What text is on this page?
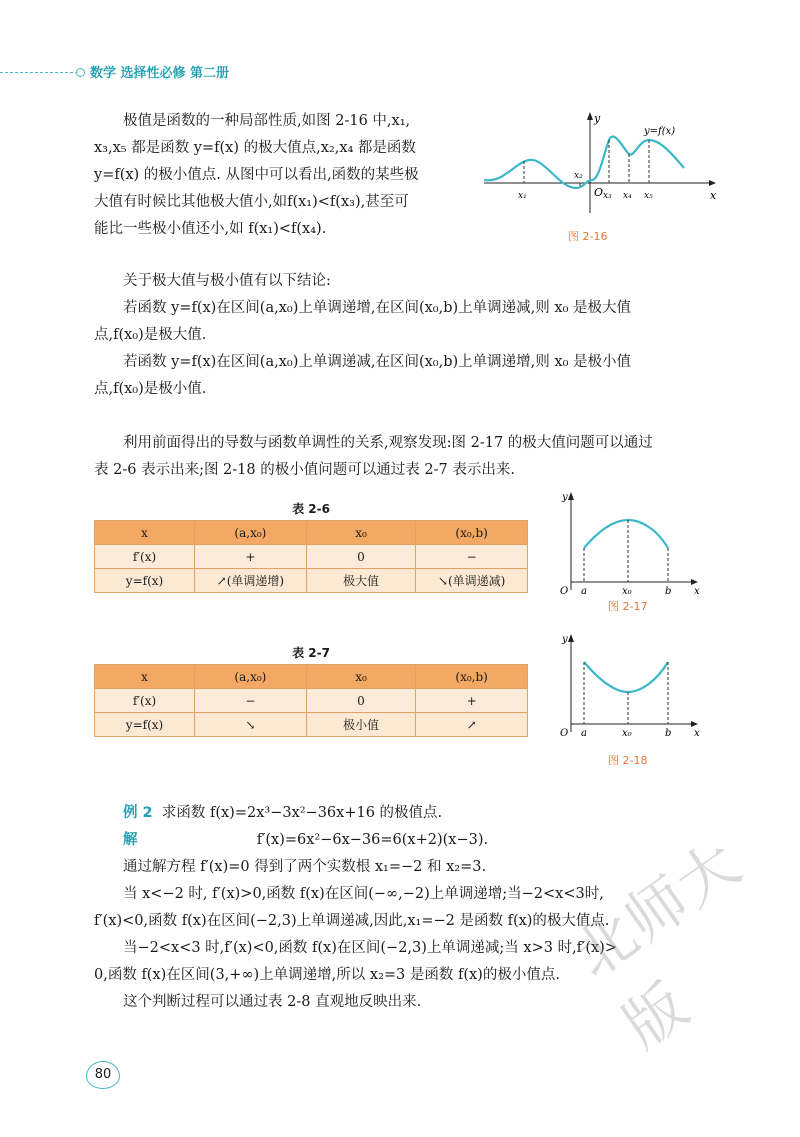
数学 选择性必修 第二册

极值是函数的一种局部性质,如图 2-16 中,x₁,

x₃,x₅ 都是函数 y=f(x) 的极大值点,x₂,x₄ 都是函数

y=f(x) 的极小值点. 从图中可以看出,函数的某些极

大值有时候比其他极大值小,如f(x₁)<f(x₃),甚至可

能比一些极小值还小,如 f(x₁)<f(x₄).

y
x
O
y=f(x)
x₁
x₂
x₃ x₄ x₅
图 2-16

关于极大值与极小值有以下结论:

若函数 y=f(x)在区间(a,x₀)上单调递增,在区间(x₀,b)上单调递减,则 x₀ 是极大值

点,f(x₀)是极大值.

若函数 y=f(x)在区间(a,x₀)上单调递减,在区间(x₀,b)上单调递增,则 x₀ 是极小值

点,f(x₀)是极小值.

利用前面得出的导数与函数单调性的关系,观察发现:图 2-17 的极大值问题可以通过

表 2-6 表示出来;图 2-18 的极小值问题可以通过表 2-7 表示出来.

表 2-6
x	(a,x₀)	x₀	(x₀,b)
f′(x)	+	0	−
y=f(x)	↗(单调递增)	极大值	↘(单调递减)
y
x
O a	x₀	b
图 2-17
表 2-7
x	(a,x₀)	x₀	(x₀,b)
f′(x)	−	0	+
y=f(x)	↘	极小值	↗
y
x
O a	x₀	b
图 2-18

例 2 求函数 f(x)=2x³−3x²−36x+16 的极值点.

解	f′(x)=6x²−6x−36=6(x+2)(x−3).

通过解方程 f′(x)=0 得到了两个实数根 x₁=−2 和 x₂=3.

当 x<−2 时, f′(x)>0,函数 f(x)在区间(−∞,−2)上单调递增;当−2<x<3时,

f′(x)<0,函数 f(x)在区间(−2,3)上单调递减,因此,x₁=−2 是函数 f(x)的极大值点.

当−2<x<3 时,f′(x)<0,函数 f(x)在区间(−2,3)上单调递减;当 x>3 时,f′(x)>

0,函数 f(x)在区间(3,+∞)上单调递增,所以 x₂=3 是函数 f(x)的极小值点.

这个判断过程可以通过表 2-8 直观地反映出来.

80
北师大版
